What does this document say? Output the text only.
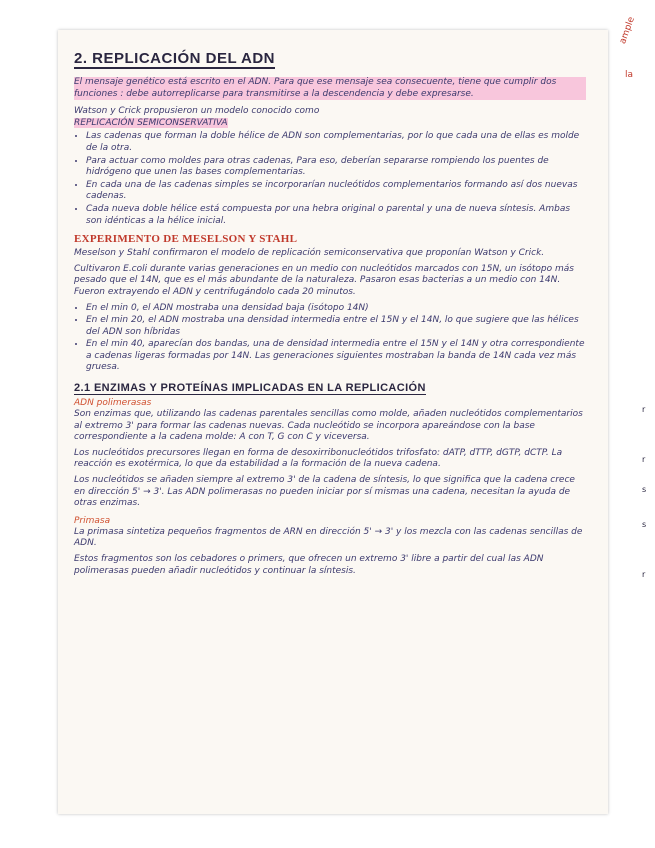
2. REPLICACIÓN DEL ADN

El mensaje genético está escrito en el ADN. Para que ese mensaje sea consecuente, tiene que cumplir dos funciones : debe autorreplicarse para transmitirse a la descendencia y debe expresarse.

Watson y Crick propusieron un modelo conocido como

REPLICACIÓN SEMICONSERVATIVA

• Las cadenas que forman la doble hélice de ADN son complementarias, por lo que cada una de ellas es molde de la otra.
• Para actuar como moldes para otras cadenas, Para eso, deberían separarse rompiendo los puentes de hidrógeno que unen las bases complementarias.
• En cada una de las cadenas simples se incorporarían nucleótidos complementarios formando así dos nuevas cadenas.
• Cada nueva doble hélice está compuesta por una hebra original o parental y una de nueva síntesis. Ambas son idénticas a la hélice inicial.
EXPERIMENTO DE MESELSON Y STAHL

Meselson y Stahl confirmaron el modelo de replicación semiconservativa que proponían Watson y Crick.

Cultivaron E.coli durante varias generaciones en un medio con nucleótidos marcados con 15N, un isótopo más pesado que el 14N, que es el más abundante de la naturaleza. Pasaron esas bacterias a un medio con 14N. Fueron extrayendo el ADN y centrifugándolo cada 20 minutos.

• En el min 0, el ADN mostraba una densidad baja (isótopo 14N)
• En el min 20, el ADN mostraba una densidad intermedia entre el 15N y el 14N, lo que sugiere que las hélices del ADN son híbridas
• En el min 40, aparecían dos bandas, una de densidad intermedia entre el 15N y el 14N y otra correspondiente a cadenas ligeras formadas por 14N. Las generaciones siguientes mostraban la banda de 14N cada vez más gruesa.
2.1 ENZIMAS Y PROTEÍNAS IMPLICADAS EN LA REPLICACIÓN
ADN polimerasas

Son enzimas que, utilizando las cadenas parentales sencillas como molde, añaden nucleótidos complementarios al extremo 3' para formar las cadenas nuevas. Cada nucleótido se incorpora apareándose con la base correspondiente a la cadena molde: A con T, G con C y viceversa.

Los nucleótidos precursores llegan en forma de desoxirribonucleótidos trifosfato: dATP, dTTP, dGTP, dCTP. La reacción es exotérmica, lo que da estabilidad a la formación de la nueva cadena.

Los nucleótidos se añaden siempre al extremo 3' de la cadena de síntesis, lo que significa que la cadena crece en dirección 5' → 3'. Las ADN polimerasas no pueden iniciar por sí mismas una cadena, necesitan la ayuda de otras enzimas.

Primasa

La primasa sintetiza pequeños fragmentos de ARN en dirección 5' → 3' y los mezcla con las cadenas sencillas de ADN.

Estos fragmentos son los cebadores o primers, que ofrecen un extremo 3' libre a partir del cual las ADN polimerasas pueden añadir nucleótidos y continuar la síntesis.

ample
la
r
r
s
s
r
